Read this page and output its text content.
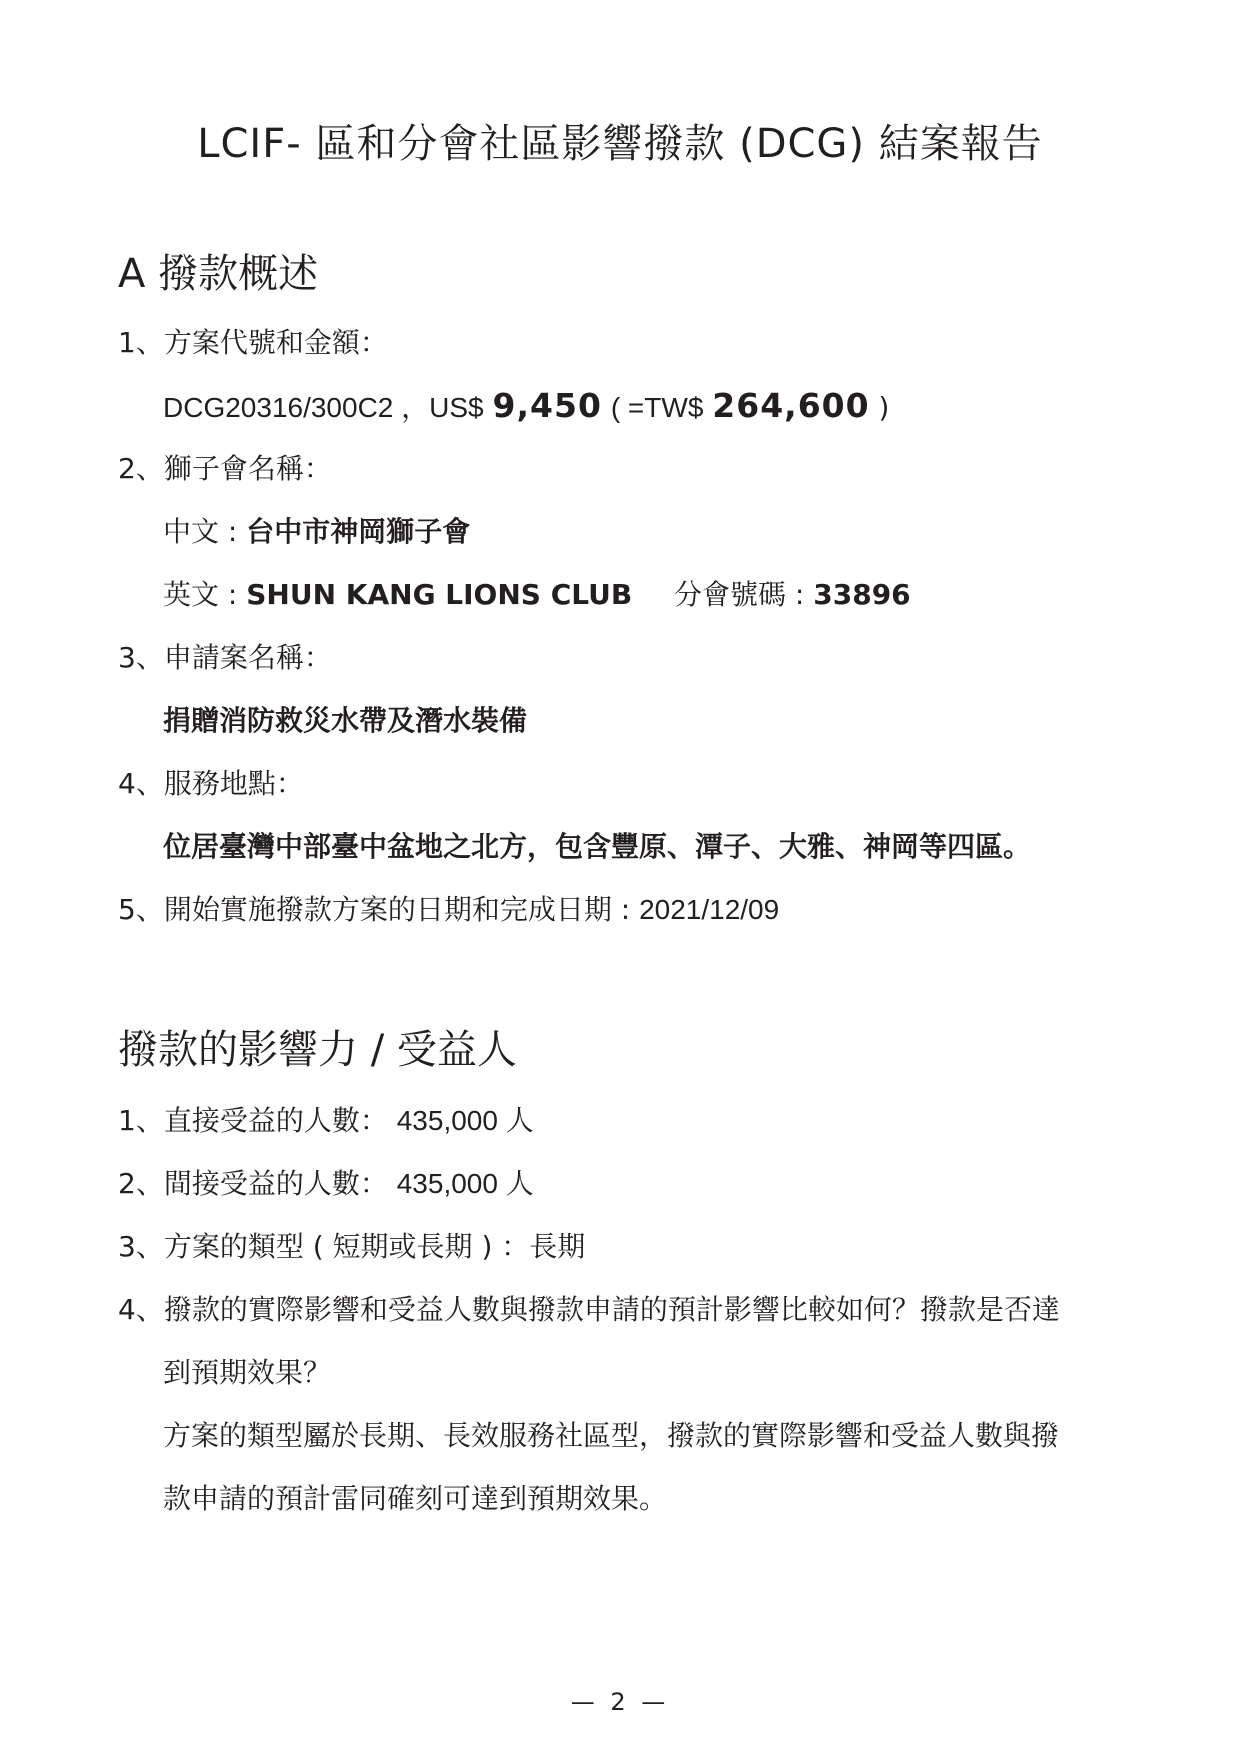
LCIF- 區和分會社區影響撥款 (DCG) 結案報告
A 撥款概述
1、方案代號和金額：
DCG20316/300C2 ，US$ 9,450 ( =TW$ 264,600 )
2、獅子會名稱：
中文 : 台中市神岡獅子會
英文 : SHUN KANG LIONS CLUB 分會號碼 : 33896
3、申請案名稱：
捐贈消防救災水帶及潛水裝備
4、服務地點：
位居臺灣中部臺中盆地之北方，包含豐原、潭子、大雅、神岡等四區。
5、開始實施撥款方案的日期和完成日期 : 2021/12/09
撥款的影響力 / 受益人
1、直接受益的人數： 435,000 人
2、間接受益的人數： 435,000 人
3、方案的類型 ( 短期或長期 ) ：長期
4、撥款的實際影響和受益人數與撥款申請的預計影響比較如何？撥款是否達
到預期效果？
方案的類型屬於長期、長效服務社區型，撥款的實際影響和受益人數與撥
款申請的預計雷同確刻可達到預期效果。
— 2 —
